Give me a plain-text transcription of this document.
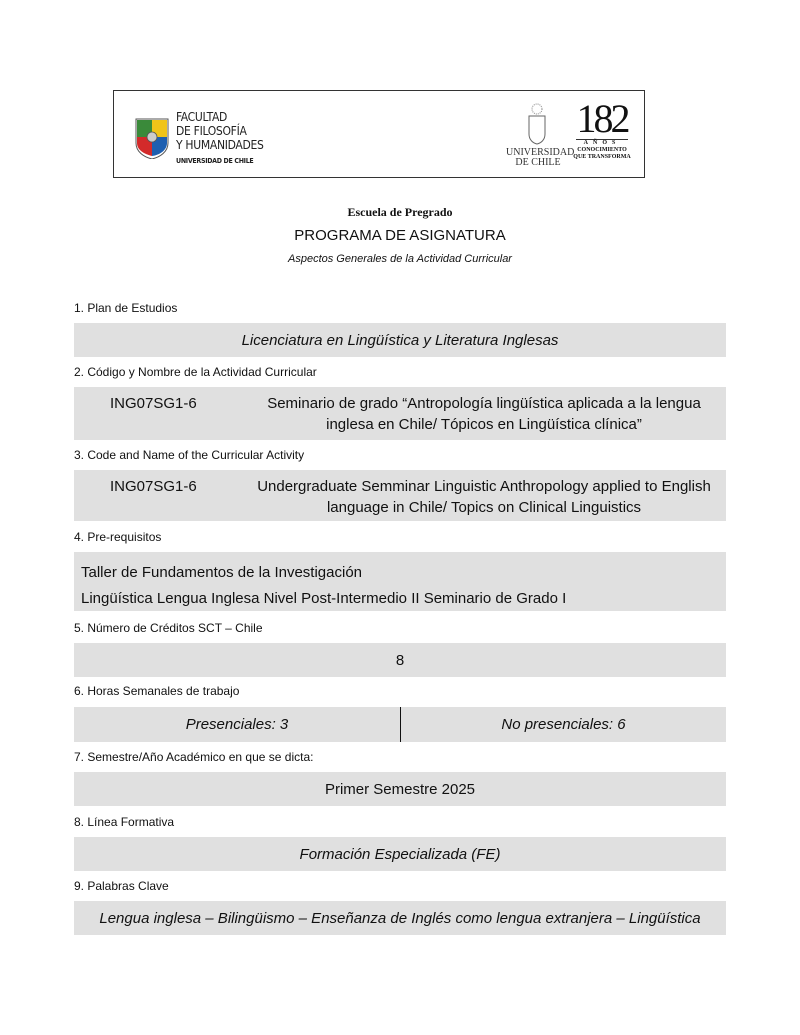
FACULTAD
DE FILOSOFÍA
Y HUMANIDADES
UNIVERSIDAD DE CHILE
UNIVERSIDAD
DE CHILE
182
AÑOS
CONOCIMIENTO
QUE TRANSFORMA
Escuela de Pregrado
PROGRAMA DE ASIGNATURA
Aspectos Generales de la Actividad Curricular
1. Plan de Estudios
Licenciatura en Lingüística y Literatura Inglesas
2. Código y Nombre de la Actividad Curricular
ING07SG1-6	Seminario de grado “Antropología lingüística aplicada a la lengua inglesa en Chile/ Tópicos en Lingüística clínica”
3. Code and Name of the Curricular Activity
ING07SG1-6	Undergraduate Semminar Linguistic Anthropology applied to English language in Chile/ Topics on Clinical Linguistics
4. Pre-requisitos
Taller de Fundamentos de la Investigación
Lingüística Lengua Inglesa Nivel Post-Intermedio II Seminario de Grado I
5. Número de Créditos SCT – Chile
8
6. Horas Semanales de trabajo
Presenciales: 3	No presenciales: 6
7. Semestre/Año Académico en que se dicta:
Primer Semestre 2025
8. Línea Formativa
Formación Especializada (FE)
9. Palabras Clave
Lengua inglesa – Bilingüismo – Enseñanza de Inglés como lengua extranjera – Lingüística
